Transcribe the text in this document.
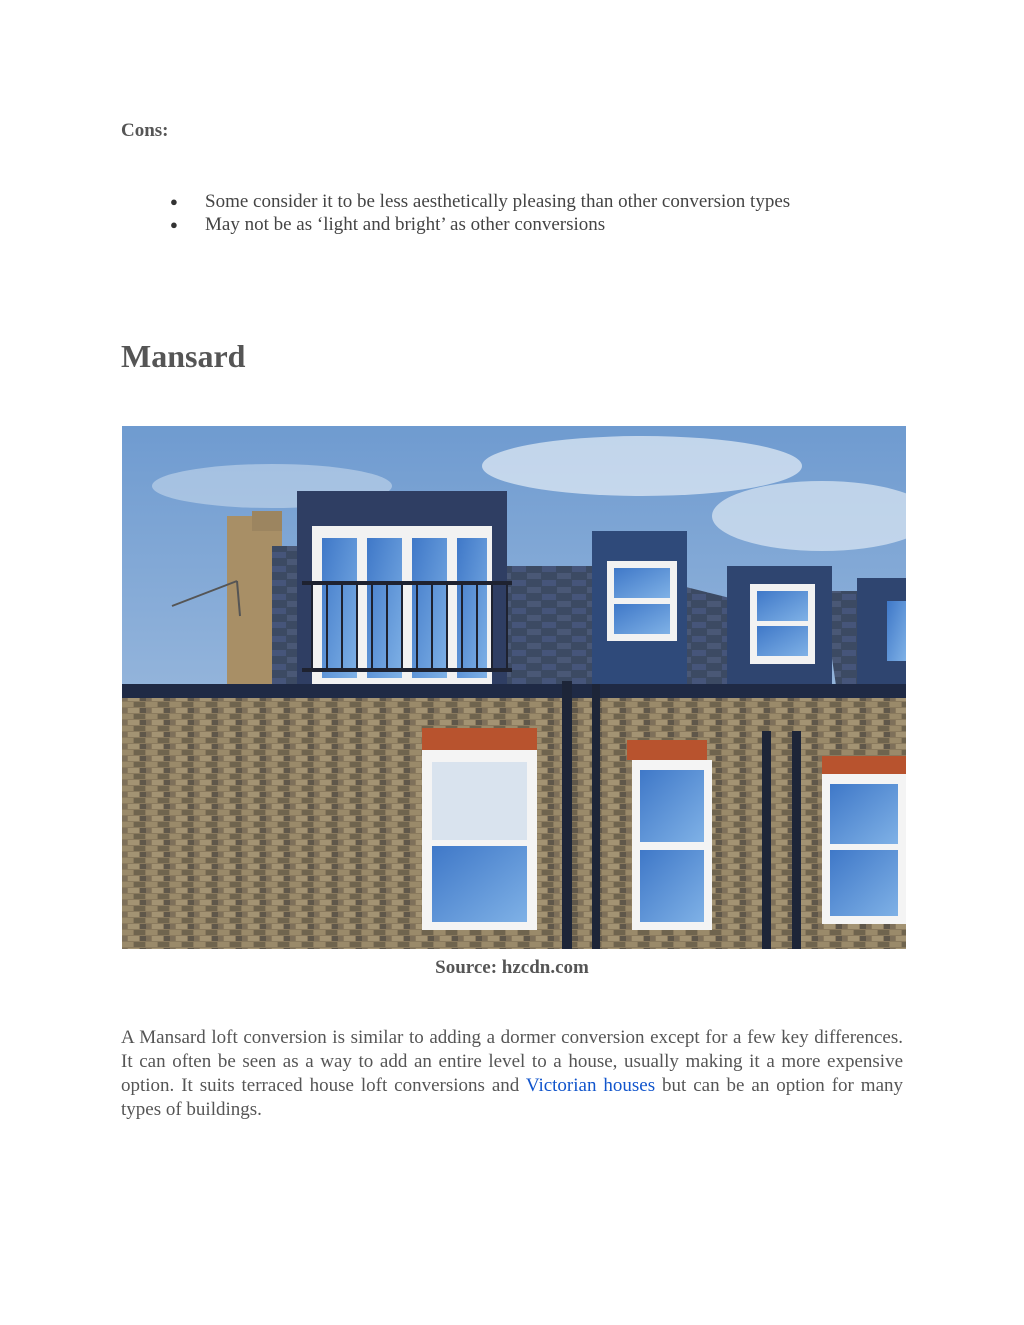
Cons:

● Some consider it to be less aesthetically pleasing than other conversion types
● May not be as ‘light and bright’ as other conversions
Mansard

Source: hzcdn.com

A Mansard loft conversion is similar to adding a dormer conversion except for a few key differences. It can often be seen as a way to add an entire level to a house, usually making it a more expensive option. It suits terraced house loft conversions and Victorian houses but can be an option for many types of buildings.
